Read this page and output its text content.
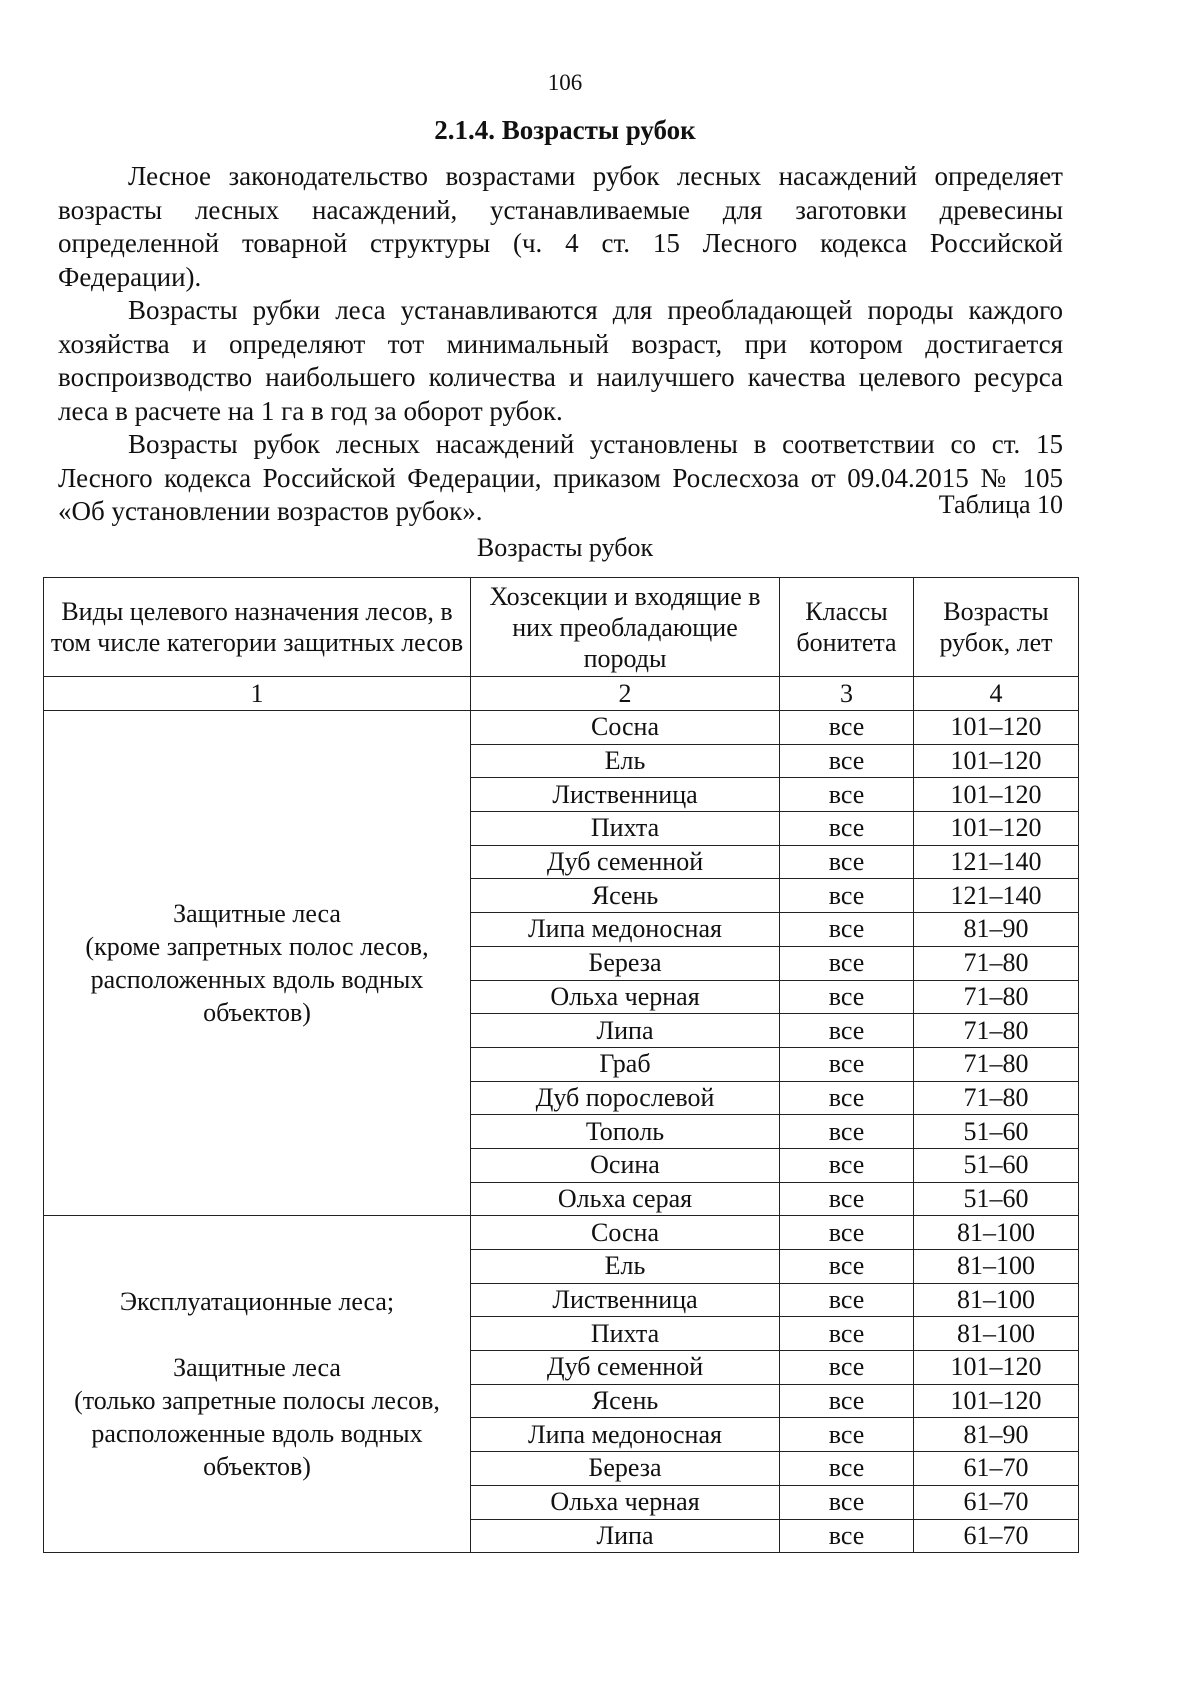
106
2.1.4. Возрасты рубок

Лесное законодательство возрастами рубок лесных насаждений определяет возрасты лесных насаждений, устанавливаемые для заготовки древесины определенной товарной структуры (ч. 4 ст. 15 Лесного кодекса Российской Федерации).

Возрасты рубки леса устанавливаются для преобладающей породы каждого хозяйства и определяют тот минимальный возраст, при котором достигается воспроизводство наибольшего количества и наилучшего качества целевого ресурса леса в расчете на 1 га в год за оборот рубок.

Возрасты рубок лесных насаждений установлены в соответствии со ст. 15 Лесного кодекса Российской Федерации, приказом Рослесхоза от 09.04.2015 № 105 «Об установлении возрастов рубок».	Таблица 10
Возрасты рубок
Виды целевого назначения лесов, в том числе категории защитных лесов	Хозсекции и входящие в них преобладающие породы	Классы бонитета	Возрасты рубок, лет
1	2	3	4

Защитные леса
(кроме запретных полос лесов,
расположенных вдоль водных
объектов)	Сосна	все	101–120
	Ель	все	101–120
	Лиственница	все	101–120
	Пихта	все	101–120
	Дуб семенной	все	121–140
	Ясень	все	121–140
	Липа медоносная	все	81–90
	Береза	все	71–80
	Ольха черная	все	71–80
	Липа	все	71–80
	Граб	все	71–80
	Дуб порослевой	все	71–80
	Тополь	все	51–60
	Осина	все	51–60
	Ольха серая	все	51–60

Эксплуатационные леса;
Защитные леса
(только запретные полосы лесов,
расположенные вдоль водных
объектов)	Сосна	все	81–100
	Ель	все	81–100
	Лиственница	все	81–100
	Пихта	все	81–100
	Дуб семенной	все	101–120
	Ясень	все	101–120
	Липа медоносная	все	81–90
	Береза	все	61–70
	Ольха черная	все	61–70
	Липа	все	61–70
